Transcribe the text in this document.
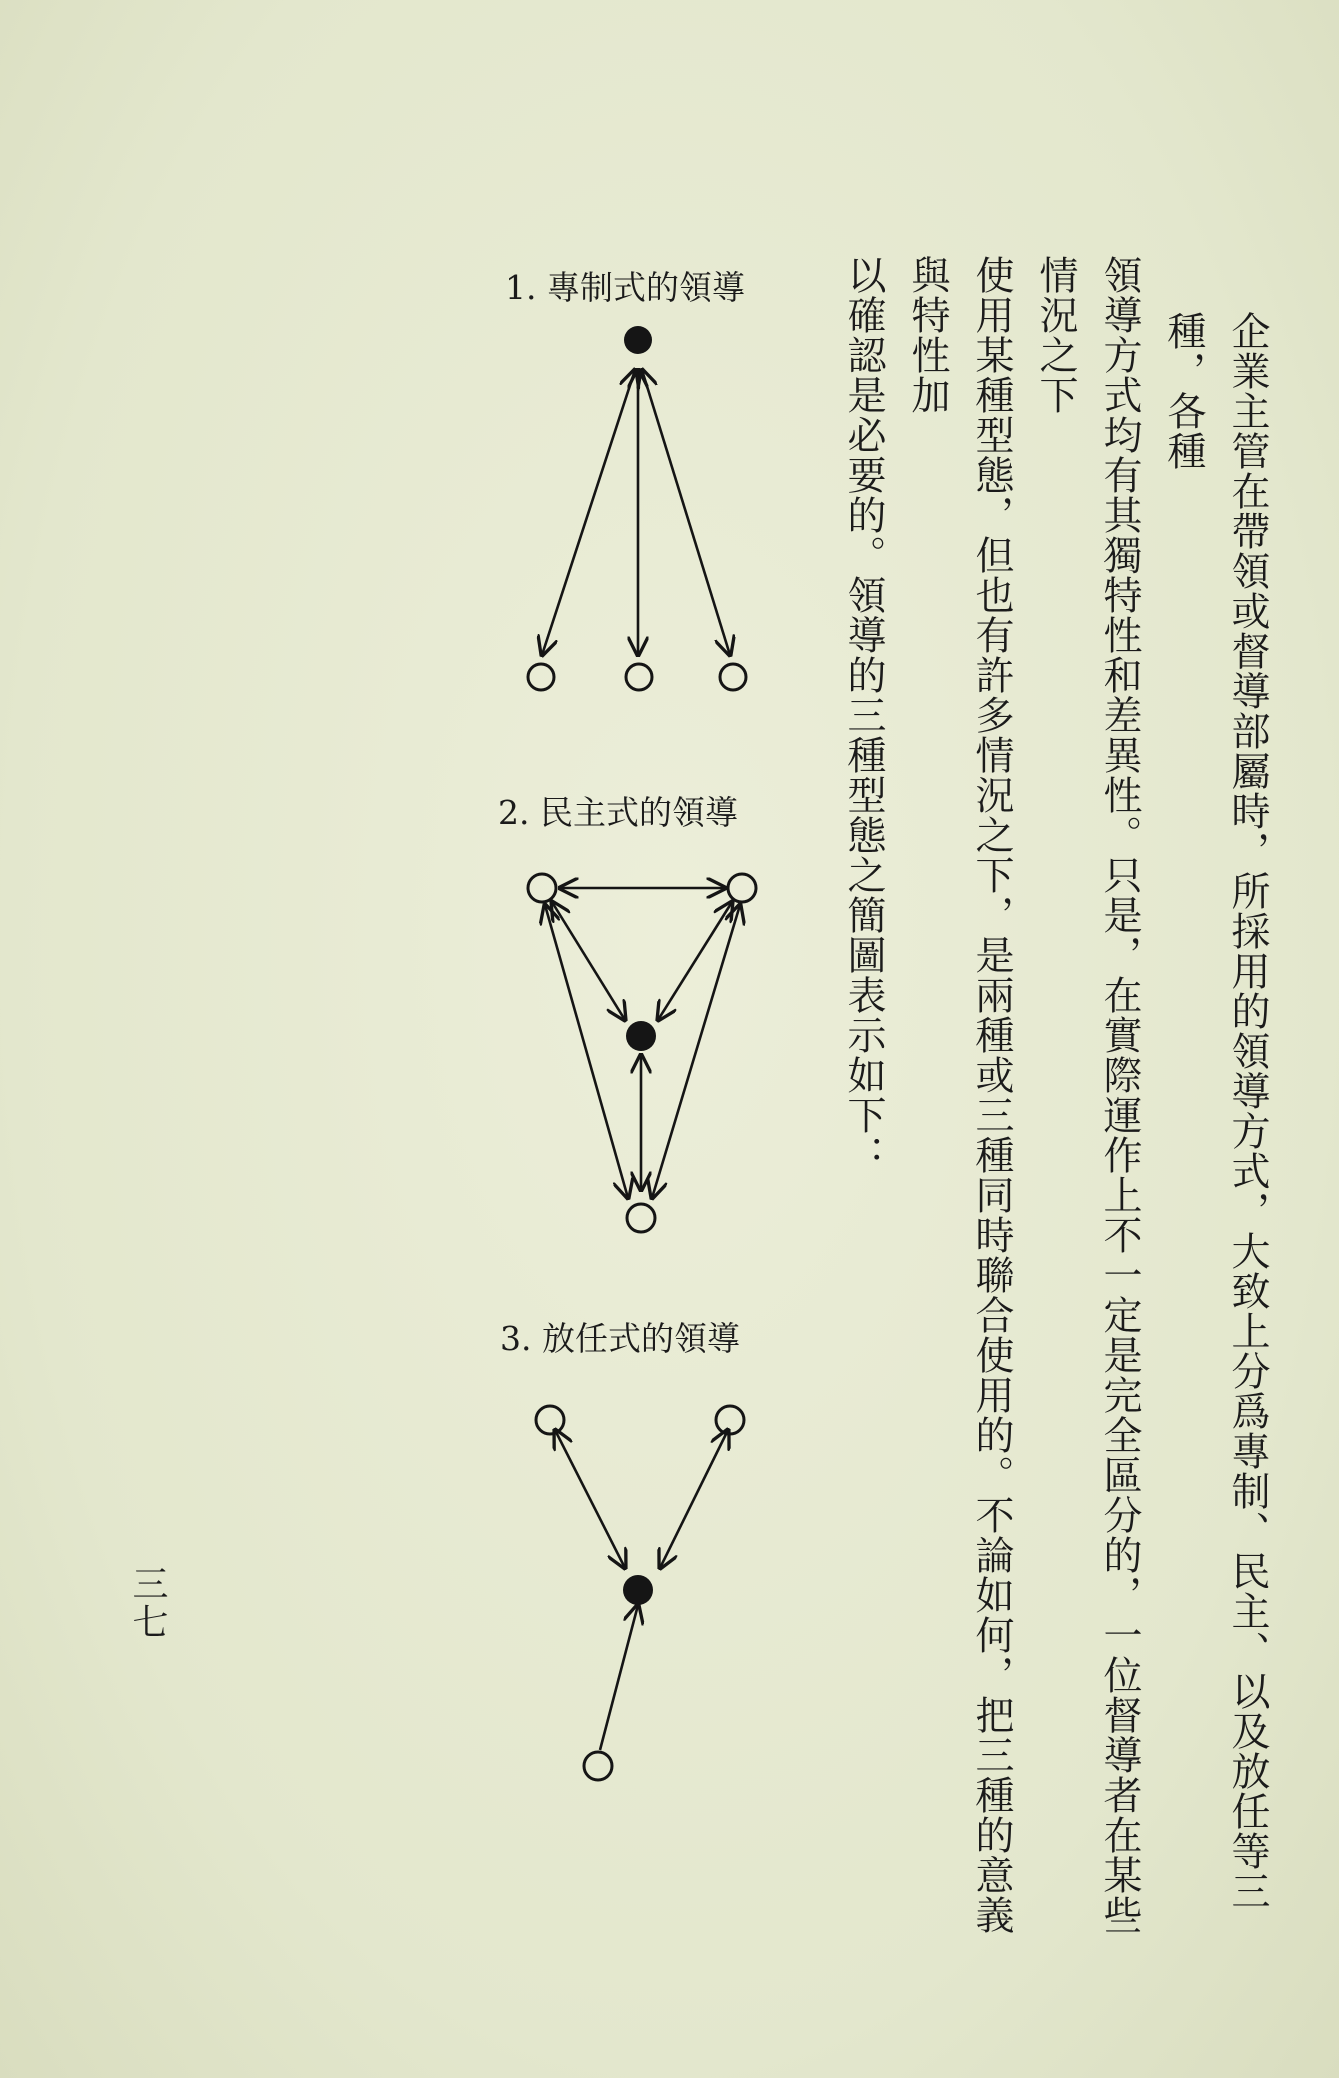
企業主管在帶領或督導部屬時，所採用的領導方式，大致上分爲專制、民主、以及放任等三種，各種
領導方式均有其獨特性和差異性。只是，在實際運作上不一定是完全區分的，一位督導者在某些情況之下
使用某種型態，但也有許多情況之下，是兩種或三種同時聯合使用的。不論如何，把三種的意義與特性加
以確認是必要的。領導的三種型態之簡圖表示如下：

1. 專制式的領導
2. 民主式的領導
3. 放任式的領導
三七
